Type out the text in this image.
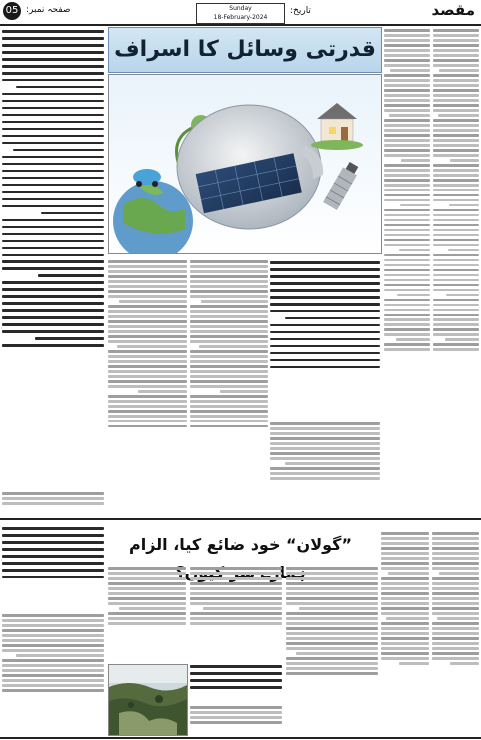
05 صفحہ نمبر:	Sunday
18-February-2024
تاریخ:	مقصد
قدرتی وسائل کا اسراف
”گولان“ خود ضائع کیا، الزام ہمارے
